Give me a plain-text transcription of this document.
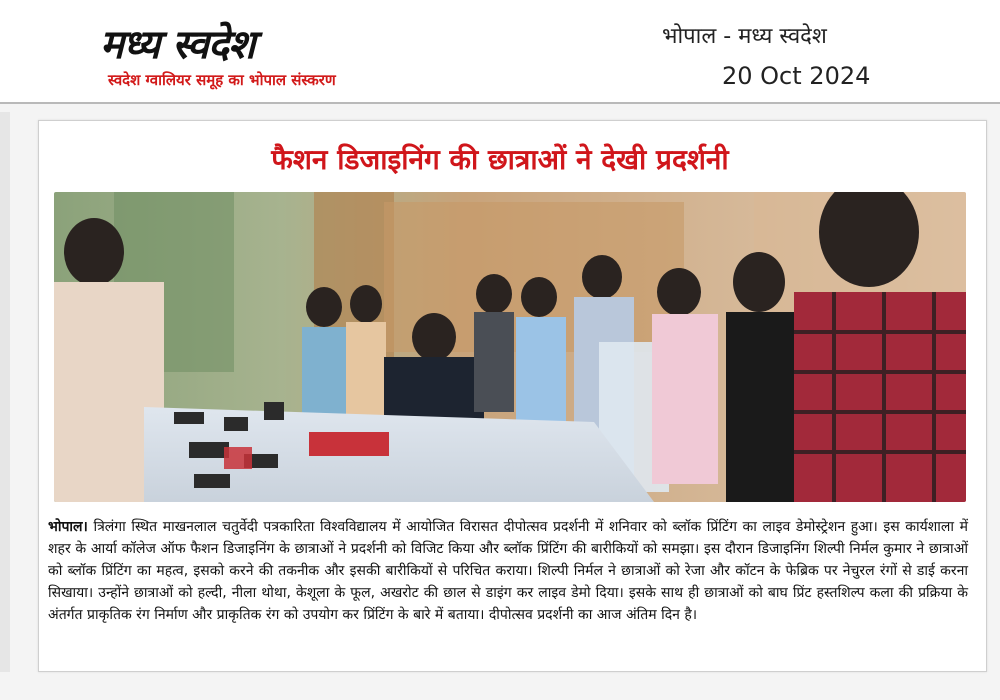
मध्य स्वदेश
स्वदेश ग्वालियर समूह का भोपाल संस्करण
भोपाल - मध्य स्वदेश
20 Oct 2024
फैशन डिजाइनिंग की छात्राओं ने देखी प्रदर्शनी
भोपाल। त्रिलंगा स्थित माखनलाल चतुर्वेदी पत्रकारिता विश्वविद्यालय में आयोजित विरासत दीपोत्सव प्रदर्शनी में शनिवार को ब्लॉक प्रिंटिंग का लाइव डेमोस्ट्रेशन हुआ। इस कार्यशाला में शहर के आर्या कॉलेज ऑफ फैशन डिजाइनिंग के छात्राओं ने प्रदर्शनी को विजिट किया और ब्लॉक प्रिंटिंग की बारीकियों को समझा। इस दौरान डिजाइनिंग शिल्पी निर्मल कुमार ने छात्राओं को ब्लॉक प्रिंटिंग का महत्व, इसको करने की तकनीक और इसकी बारीकियों से परिचित कराया। शिल्पी निर्मल ने छात्राओं को रेजा और कॉटन के फेब्रिक पर नेचुरल रंगों से डाई करना सिखाया। उन्होंने छात्राओं को हल्दी, नीला थोथा, केशूला के फूल, अखरोट की छाल से डाइंग कर लाइव डेमो दिया। इसके साथ ही छात्राओं को बाघ प्रिंट हस्तशिल्प कला की प्रक्रिया के अंतर्गत प्राकृतिक रंग निर्माण और प्राकृतिक रंग को उपयोग कर प्रिंटिंग के बारे में बताया। दीपोत्सव प्रदर्शनी का आज अंतिम दिन है।
